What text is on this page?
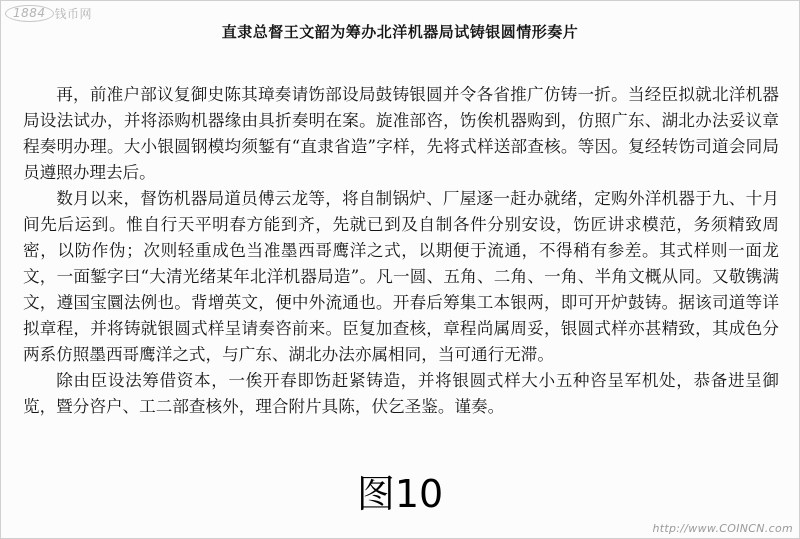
1884 钱币网
直隶总督王文韶为筹办北洋机器局试铸银圆情形奏片

再，前准户部议复御史陈其璋奏请饬部设局鼓铸银圆并令各省推广仿铸一折。当经臣拟就北洋机器局设法试办，并将添购机器缘由具折奏明在案。旋准部咨，饬俟机器购到，仿照广东、湖北办法妥议章程奏明办理。大小银圆钢模均须錾有“直隶省造”字样，先将式样送部查核。等因。复经转饬司道会同局员遵照办理去后。

数月以来，督饬机器局道员傅云龙等，将自制锅炉、厂屋逐一赶办就绪，定购外洋机器于九、十月间先后运到。惟自行天平明春方能到齐，先就已到及自制各件分别安设，饬匠讲求模范，务须精致周密，以防作伪；次则轻重成色当准墨西哥鹰洋之式，以期便于流通，不得稍有参差。其式样则一面龙文，一面錾字曰“大清光绪某年北洋机器局造”。凡一圆、五角、二角、一角、半角文概从同。又敬镌满文，遵国宝圜法例也。背增英文，便中外流通也。开春后筹集工本银两，即可开炉鼓铸。据该司道等详拟章程，并将铸就银圆式样呈请奏咨前来。臣复加查核，章程尚属周妥，银圆式样亦甚精致，其成色分两系仿照墨西哥鹰洋之式，与广东、湖北办法亦属相同，当可通行无滞。

除由臣设法筹借资本，一俟开春即饬赶紧铸造，并将银圆式样大小五种咨呈军机处，恭备进呈御览，暨分咨户、工二部查核外，理合附片具陈，伏乞圣鉴。谨奏。

图10
http://www.COINCN.com
